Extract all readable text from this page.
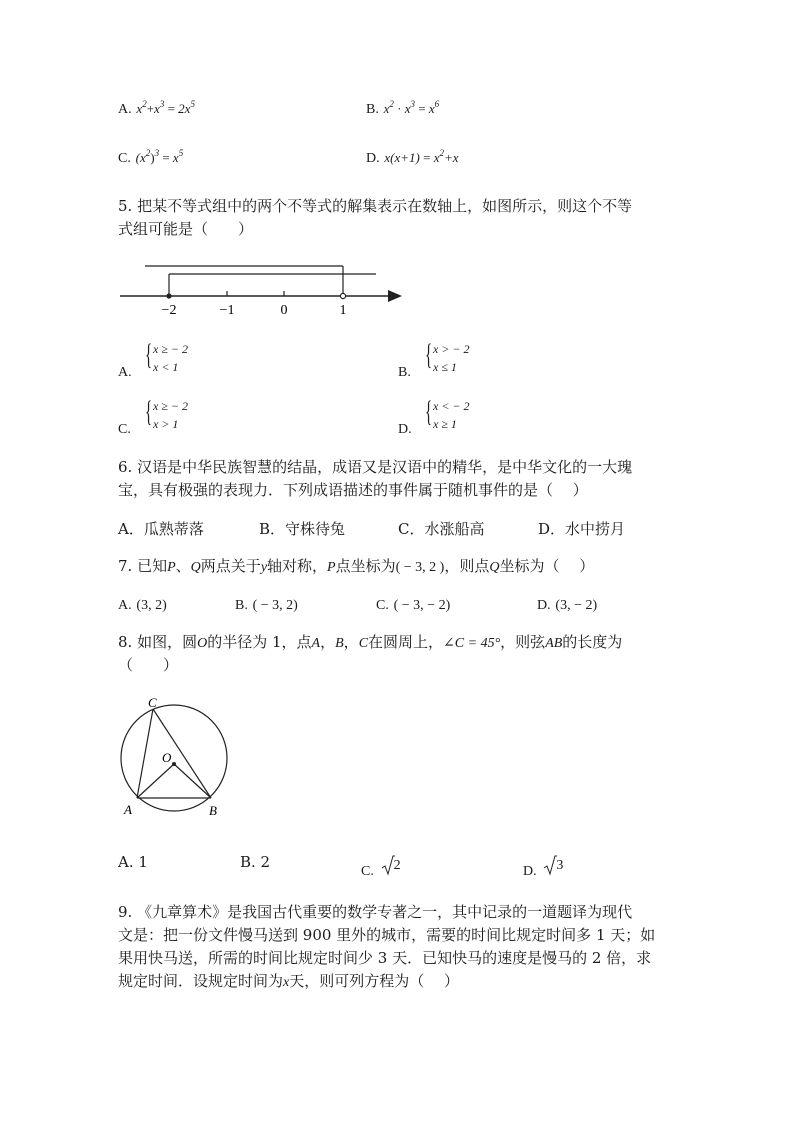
A. $x^2+x^3 = 2x^5$	B. $x^2 \cdot x^3 = x^6$
C. $(x^2)^3 = x^5$	D. $x(x+1) = x^2+x$
5. 把某不等式组中的两个不等式的解集表示在数轴上，如图所示，则这个不等
式组可能是（　　）
−2	−1	0	1
A.
{ x ≥ − 2
x < 1	B.
{ x > − 2
x ≤ 1
C.
{ x ≥ − 2
x > 1	D.
{ x < − 2
x ≥ 1
6. 汉语是中华民族智慧的结晶，成语又是汉语中的精华，是中华文化的一大瑰
宝，具有极强的表现力．下列成语描述的事件属于随机事件的是（　 ）
A．瓜熟蒂落	B．守株待兔	C．水涨船高	D．水中捞月
7. 已知P、Q两点关于y轴对称，P点坐标为( − 3, 2 )，则点Q坐标为（　 ）
A. (3, 2)	B. ( − 3, 2)	C. ( − 3, − 2)	D. (3, − 2)
8. 如图，圆O的半径为 1，点A，B，C在圆周上，∠C = 45°，则弦AB的长度为
（　　）
C
O
A	B
A. 1	B. 2
C. 2	D. 3
9. 《九章算术》是我国古代重要的数学专著之一，其中记录的一道题译为现代
文是：把一份文件慢马送到 900 里外的城市，需要的时间比规定时间多 1 天；如
果用快马送，所需的时间比规定时间少 3 天．已知快马的速度是慢马的 2 倍，求
规定时间．设规定时间为x天，则可列方程为（　 ）
